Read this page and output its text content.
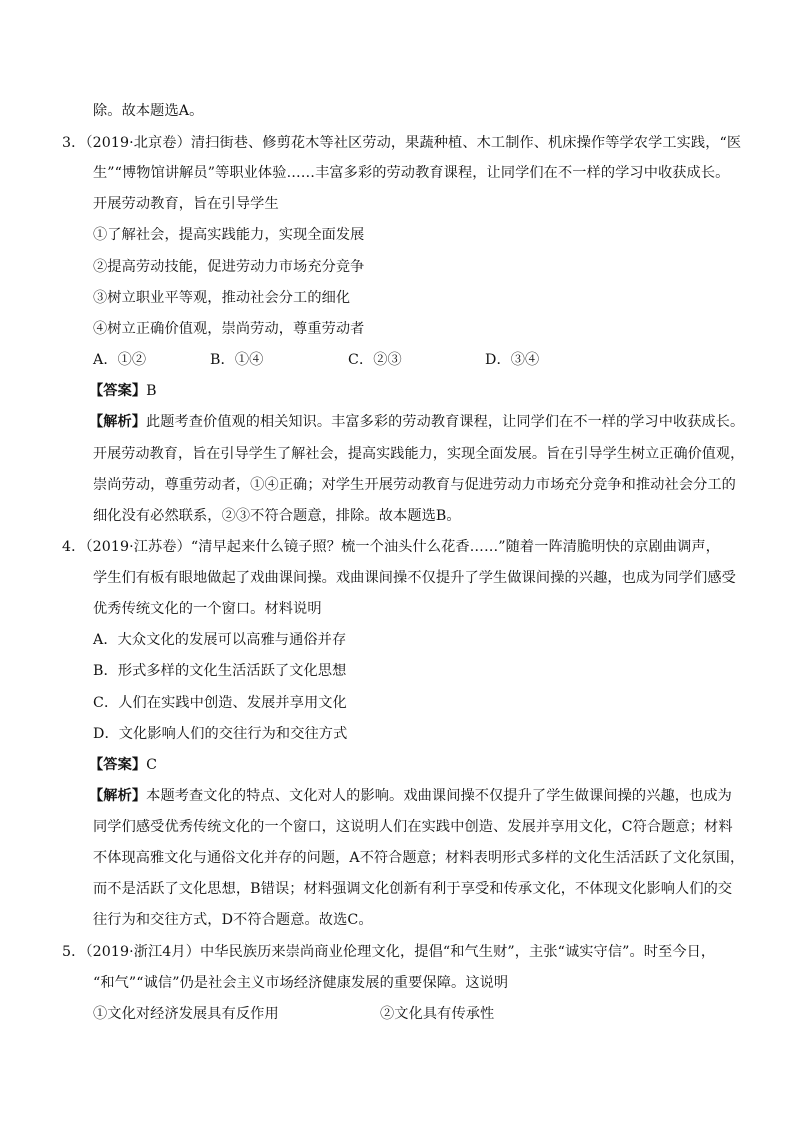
除。故本题选A。
3．（2019·北京卷）清扫街巷、修剪花木等社区劳动，果蔬种植、木工制作、机床操作等学农学工实践，“医
生”“博物馆讲解员”等职业体验……丰富多彩的劳动教育课程，让同学们在不一样的学习中收获成长。
开展劳动教育，旨在引导学生
①了解社会，提高实践能力，实现全面发展
②提高劳动技能，促进劳动力市场充分竞争
③树立职业平等观，推动社会分工的细化
④树立正确价值观，崇尚劳动，尊重劳动者
A．①②	B．①④	C．②③	D．③④
【答案】B
【解析】此题考查价值观的相关知识。丰富多彩的劳动教育课程，让同学们在不一样的学习中收获成长。
开展劳动教育，旨在引导学生了解社会，提高实践能力，实现全面发展。旨在引导学生树立正确价值观，
崇尚劳动，尊重劳动者，①④正确；对学生开展劳动教育与促进劳动力市场充分竞争和推动社会分工的
细化没有必然联系，②③不符合题意，排除。故本题选B。
4．（2019·江苏卷）“清早起来什么镜子照？梳一个油头什么花香……”随着一阵清脆明快的京剧曲调声，
学生们有板有眼地做起了戏曲课间操。戏曲课间操不仅提升了学生做课间操的兴趣，也成为同学们感受
优秀传统文化的一个窗口。材料说明
A．大众文化的发展可以高雅与通俗并存
B．形式多样的文化生活活跃了文化思想
C．人们在实践中创造、发展并享用文化
D．文化影响人们的交往行为和交往方式
【答案】C
【解析】本题考查文化的特点、文化对人的影响。戏曲课间操不仅提升了学生做课间操的兴趣，也成为
同学们感受优秀传统文化的一个窗口，这说明人们在实践中创造、发展并享用文化，C符合题意；材料
不体现高雅文化与通俗文化并存的问题，A不符合题意；材料表明形式多样的文化生活活跃了文化氛围，
而不是活跃了文化思想，B错误；材料强调文化创新有利于享受和传承文化，不体现文化影响人们的交
往行为和交往方式，D不符合题意。故选C。
5．（2019·浙江4月）中华民族历来崇尚商业伦理文化，提倡“和气生财”，主张“诚实守信”。时至今日，
“和气”“诚信”仍是社会主义市场经济健康发展的重要保障。这说明
①文化对经济发展具有反作用	②文化具有传承性
